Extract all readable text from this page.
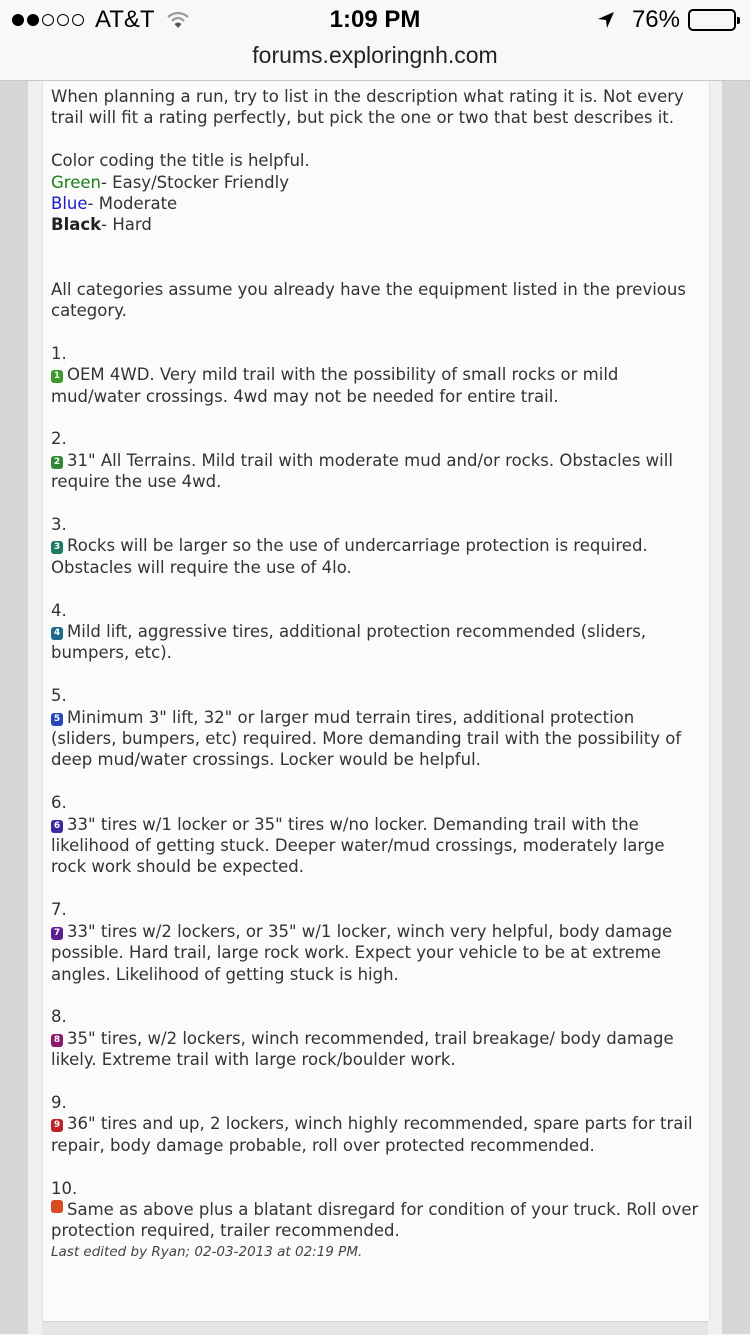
AT&T	1:09 PM	76%
forums.exploringnh.com

When planning a run, try to list in the description what rating it is. Not every trail will fit a rating perfectly, but pick the one or two that best describes it.

Color coding the title is helpful.

Green- Easy/Stocker Friendly

Blue- Moderate

Black- Hard

All categories assume you already have the equipment listed in the previous category.

1.

1 OEM 4WD. Very mild trail with the possibility of small rocks or mild mud/water crossings. 4wd may not be needed for entire trail.

2.

2 31" All Terrains. Mild trail with moderate mud and/or rocks. Obstacles will require the use 4wd.

3.

3 Rocks will be larger so the use of undercarriage protection is required. Obstacles will require the use of 4lo.

4.

4 Mild lift, aggressive tires, additional protection recommended (sliders, bumpers, etc).

5.

5 Minimum 3" lift, 32" or larger mud terrain tires, additional protection (sliders, bumpers, etc) required. More demanding trail with the possibility of deep mud/water crossings. Locker would be helpful.

6.

6 33" tires w/1 locker or 35" tires w/no locker. Demanding trail with the likelihood of getting stuck. Deeper water/mud crossings, moderately large rock work should be expected.

7.

7 33" tires w/2 lockers, or 35" w/1 locker, winch very helpful, body damage possible. Hard trail, large rock work. Expect your vehicle to be at extreme angles. Likelihood of getting stuck is high.

8.

8 35" tires, w/2 lockers, winch recommended, trail breakage/ body damage likely. Extreme trail with large rock/boulder work.

9.

9 36" tires and up, 2 lockers, winch highly recommended, spare parts for trail repair, body damage probable, roll over protected recommended.

10.

Same as above plus a blatant disregard for condition of your truck. Roll over protection required, trailer recommended.

Last edited by Ryan; 02-03-2013 at 02:19 PM.
